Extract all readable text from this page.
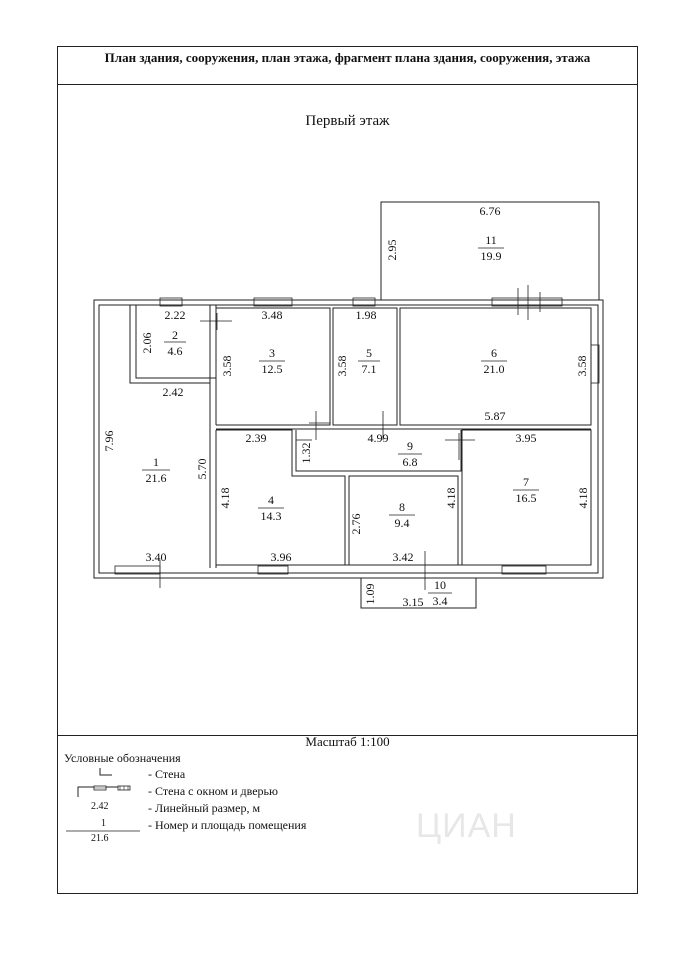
План здания, сооружения, план этажа, фрагмент плана здания, сооружения, этажа
Первый этаж
Масштаб 1:100
Условные обозначения
- Стена
- Стена с окном и дверью
2.42	- Линейный размер, м
1
21.6
- Номер и площадь помещения	ЦИАН
1
21.6
2
4.6	3
12.5
4
14.3
5
7.1
6
21.0
7
16.5
8
9.4
9
6.8
10
3.4
11
19.9
6.76
2.22
2.42
3.48	1.98
5.87
3.40
2.39	4.99	3.95
3.96	3.42
3.15
2.95
2.06
3.58	3.58	3.58
7.96
5.70
1.32
4.18
2.76
4.18	4.18
1.09
